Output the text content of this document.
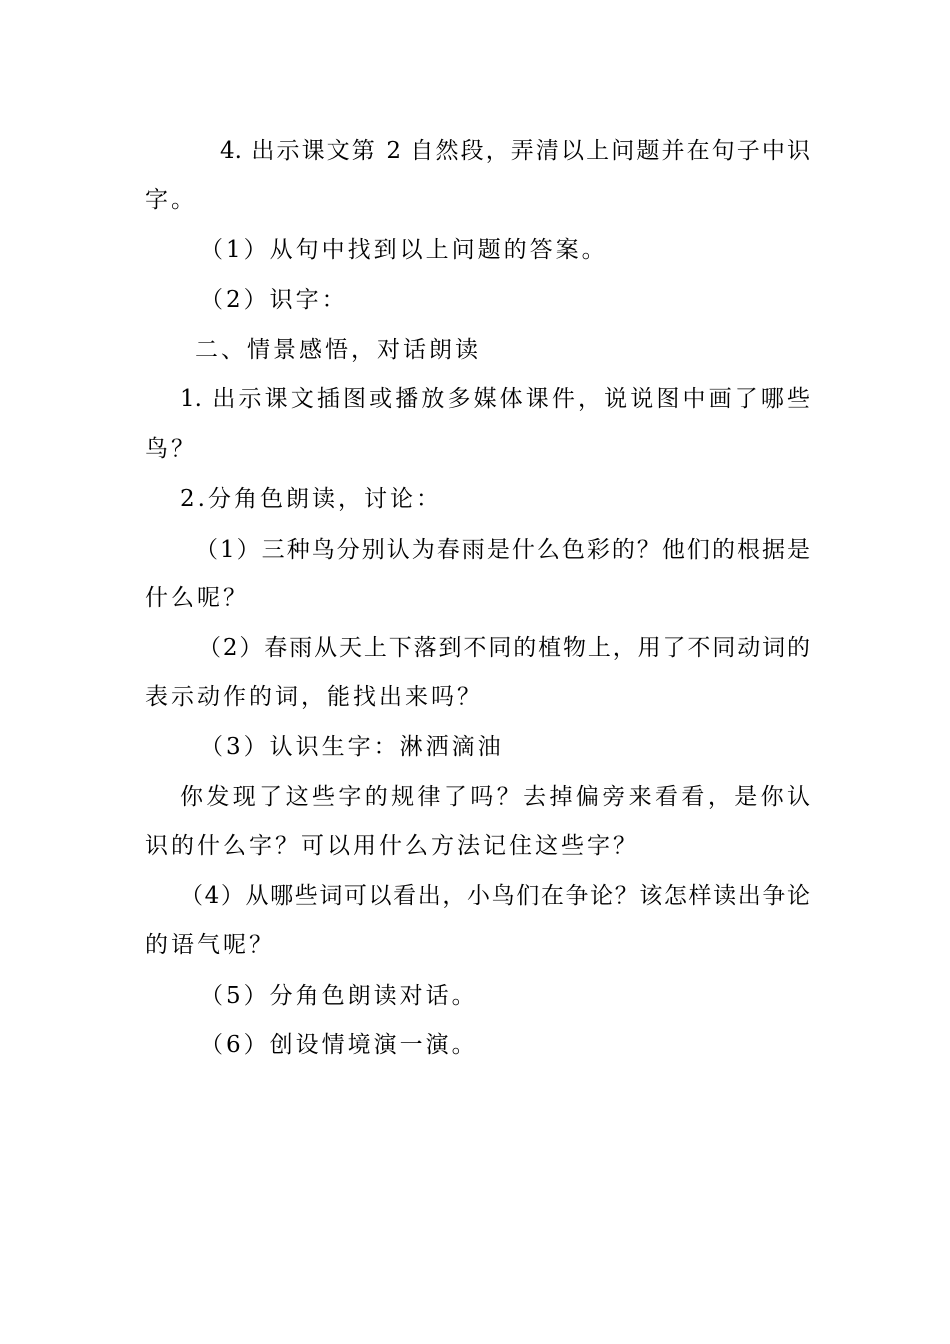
4. 出示课文第 2 自然段，弄清以上问题并在句子中识
字。
（1）从句中找到以上问题的答案。
（2）识字：
二、情景感悟，对话朗读
1. 出示课文插图或播放多媒体课件，说说图中画了哪些
鸟？
2.分角色朗读，讨论：
（1）三种鸟分别认为春雨是什么色彩的？他们的根据是
什么呢？
（2）春雨从天上下落到不同的植物上，用了不同动词的
表示动作的词，能找出来吗？
（3）认识生字：淋洒滴油
你发现了这些字的规律了吗？去掉偏旁来看看，是你认
识的什么字？可以用什么方法记住这些字？
（4）从哪些词可以看出，小鸟们在争论？该怎样读出争论
的语气呢？
（5）分角色朗读对话。
（6）创设情境演一演。
